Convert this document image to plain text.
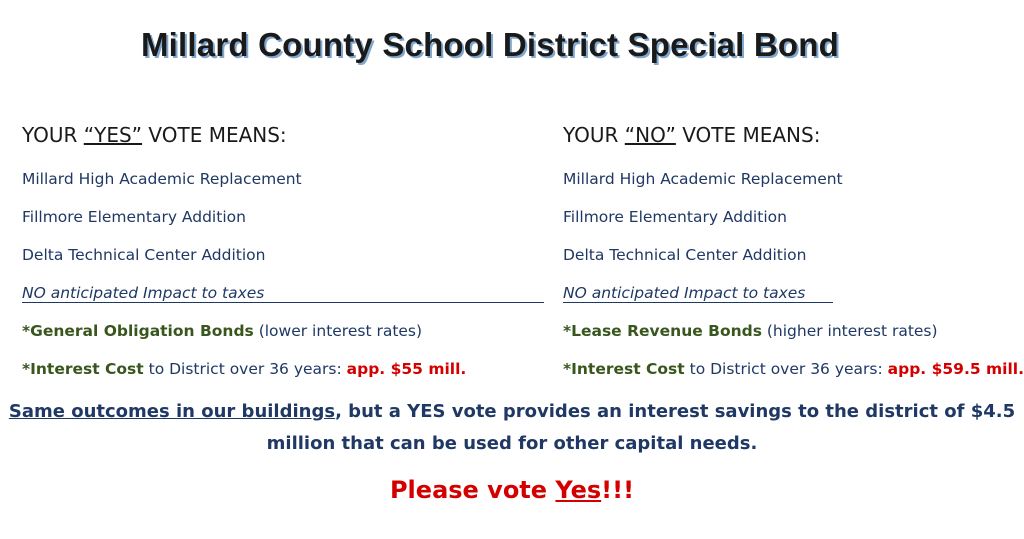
Millard County School District Special Bond
YOUR “YES” VOTE MEANS:
Millard High Academic Replacement
Fillmore Elementary Addition
Delta Technical Center Addition
NO anticipated Impact to taxes
*General Obligation Bonds (lower interest rates)
*Interest Cost to District over 36 years: app. $55 mill.
YOUR “NO” VOTE MEANS:
Millard High Academic Replacement
Fillmore Elementary Addition
Delta Technical Center Addition
NO anticipated Impact to taxes
*Lease Revenue Bonds (higher interest rates)
*Interest Cost to District over 36 years: app. $59.5 mill.
Same outcomes in our buildings, but a YES vote provides an interest savings to the district of $4.5
million that can be used for other capital needs.
Please vote Yes!!!
